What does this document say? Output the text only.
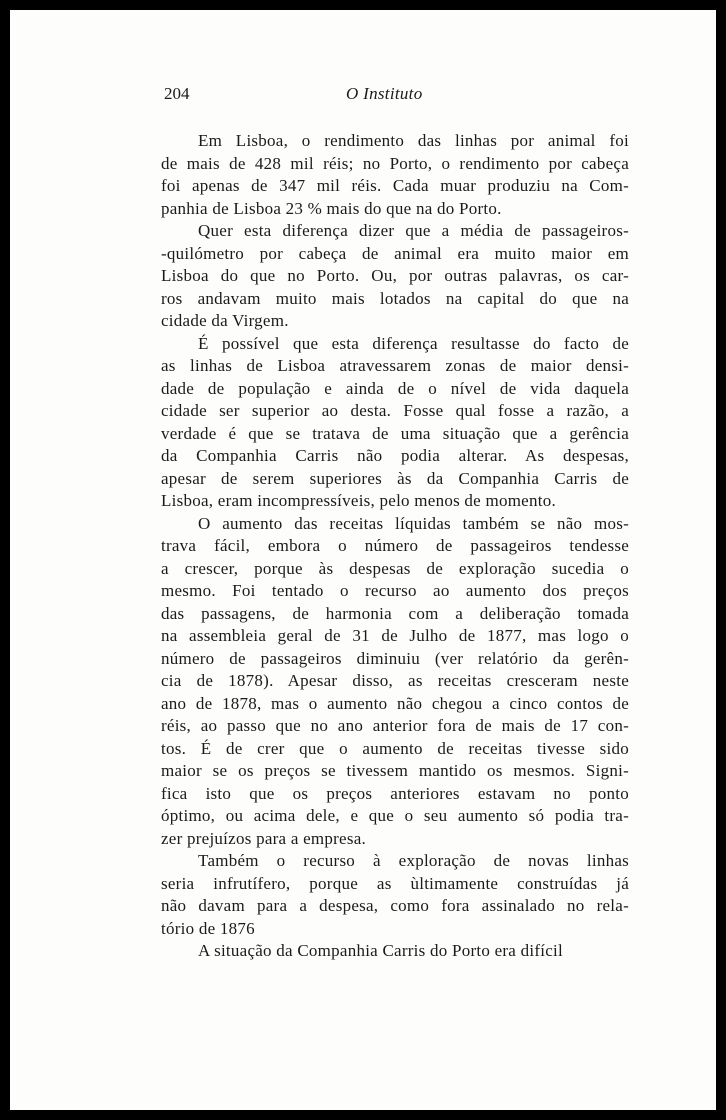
204	O Instituto

Em Lisboa, o rendimento das linhas por animal foi
de mais de 428 mil réis; no Porto, o rendimento por cabeça
foi apenas de 347 mil réis. Cada muar produziu na Com-
panhia de Lisboa 23 % mais do que na do Porto.

Quer esta diferença dizer que a média de passageiros-
-quilómetro por cabeça de animal era muito maior em
Lisboa do que no Porto. Ou, por outras palavras, os car-
ros andavam muito mais lotados na capital do que na
cidade da Virgem.

É possível que esta diferença resultasse do facto de
as linhas de Lisboa atravessarem zonas de maior densi-
dade de população e ainda de o nível de vida daquela
cidade ser superior ao desta. Fosse qual fosse a razão, a
verdade é que se tratava de uma situação que a gerência
da Companhia Carris não podia alterar. As despesas,
apesar de serem superiores às da Companhia Carris de
Lisboa, eram incompressíveis, pelo menos de momento.

O aumento das receitas líquidas também se não mos-
trava fácil, embora o número de passageiros tendesse
a crescer, porque às despesas de exploração sucedia o
mesmo. Foi tentado o recurso ao aumento dos preços
das passagens, de harmonia com a deliberação tomada
na assembleia geral de 31 de Julho de 1877, mas logo o
número de passageiros diminuiu (ver relatório da gerên-
cia de 1878). Apesar disso, as receitas cresceram neste
ano de 1878, mas o aumento não chegou a cinco contos de
réis, ao passo que no ano anterior fora de mais de 17 con-
tos. É de crer que o aumento de receitas tivesse sido
maior se os preços se tivessem mantido os mesmos. Signi-
fica isto que os preços anteriores estavam no ponto
óptimo, ou acima dele, e que o seu aumento só podia tra-
zer prejuízos para a empresa.

Também o recurso à exploração de novas linhas
seria infrutífero, porque as ùltimamente construídas já
não davam para a despesa, como fora assinalado no rela-
tório de 1876

A situação da Companhia Carris do Porto era difícil
